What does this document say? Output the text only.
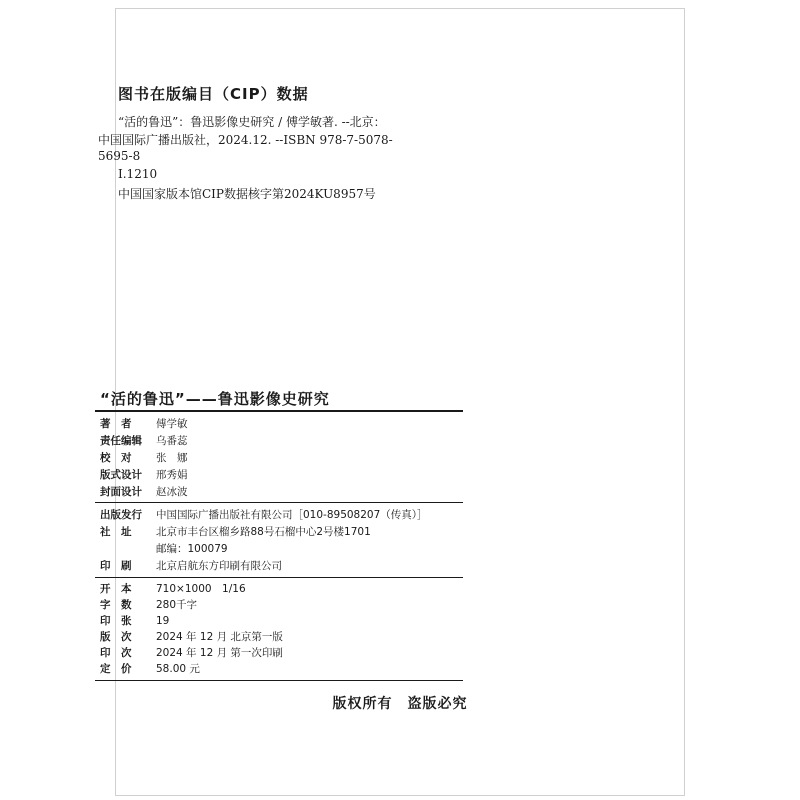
图书在版编目（CIP）数据
“活的鲁迅”：鲁迅影像史研究 / 傅学敏著. --北京：
中国国际广播出版社，2024.12. --ISBN 978-7-5078-
5695-8
Ⅰ.1210
中国国家版本馆CIP数据核字第2024KU8957号
“活的鲁迅”——鲁迅影像史研究
著　者	傅学敏
责任编辑 乌番蕊
校　对	张　娜
版式设计 邢秀娟
封面设计 赵冰波
出版发行 中国国际广播出版社有限公司［010-89508207（传真）］
社　址	北京市丰台区榴乡路88号石榴中心2号楼1701
邮编：100079
印　刷	北京启航东方印刷有限公司
开　本	710×1000　1/16
字　数	280千字
印　张	19
版　次	2024 年 12 月 北京第一版
印　次	2024 年 12 月 第一次印刷
定　价	58.00 元
版权所有　盗版必究
